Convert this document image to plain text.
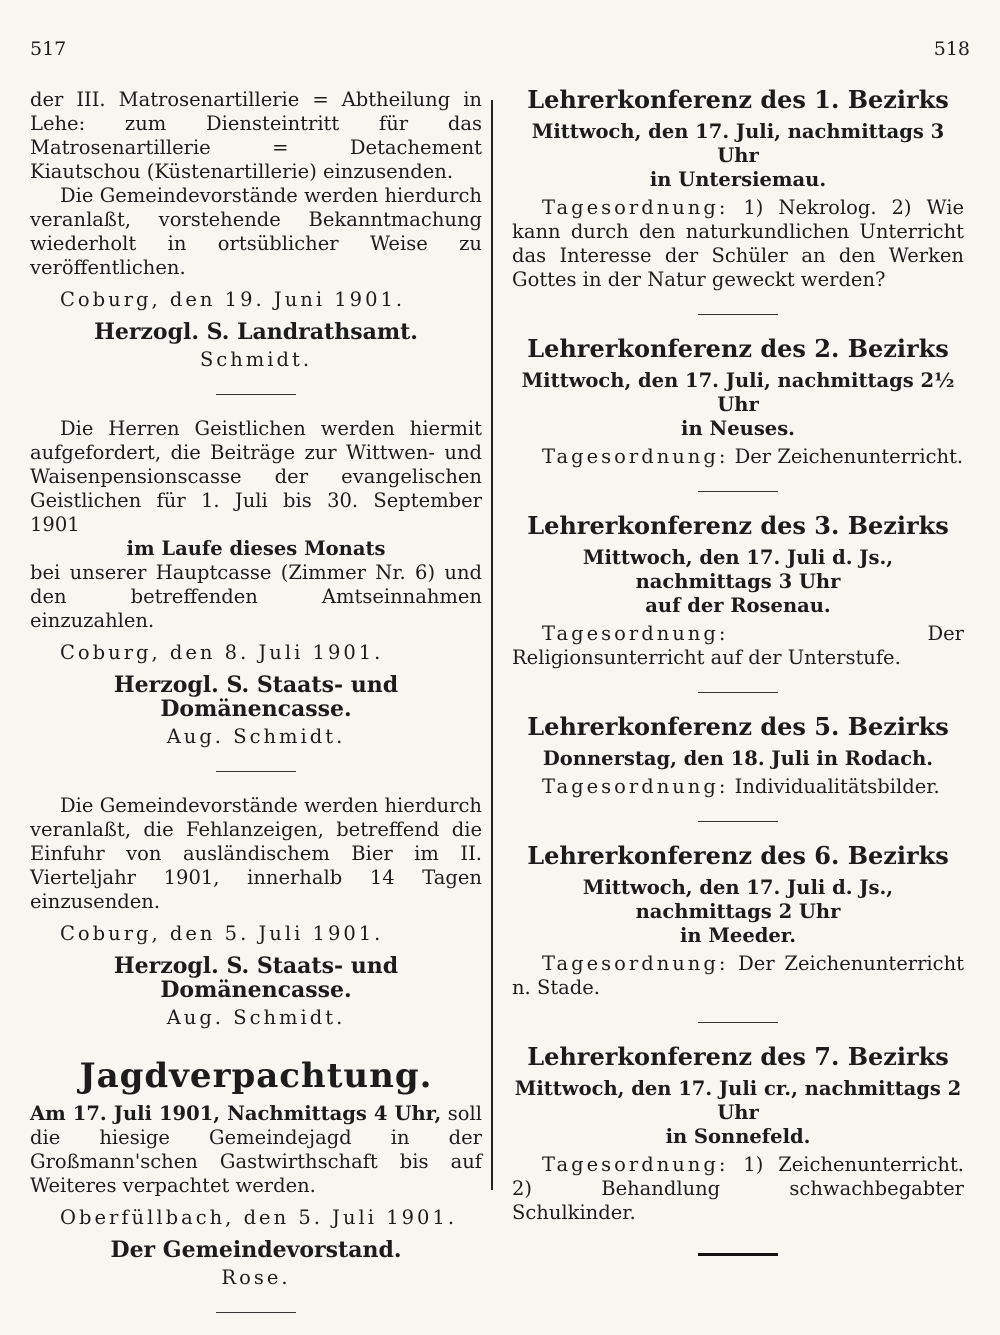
517	518

der III. Matrosenartillerie = Abtheilung in Lehe: zum Diensteintritt für das Matrosenartillerie = Detachement Kiautschou (Küstenartillerie) einzusenden.

Die Gemeindevorstände werden hierdurch veranlaßt, vorstehende Bekanntmachung wiederholt in ortsüblicher Weise zu veröffentlichen.

Coburg, den 19. Juni 1901.

Herzogl. S. Landrathsamt.
Schmidt.

Die Herren Geistlichen werden hiermit aufgefordert, die Beiträge zur Wittwen- und Waisenpensionscasse der evangelischen Geistlichen für 1. Juli bis 30. September 1901

im Laufe dieses Monats

bei unserer Hauptcasse (Zimmer Nr. 6) und den betreffenden Amtseinnahmen einzuzahlen.

Coburg, den 8. Juli 1901.

Herzogl. S. Staats- und Domänencasse.
Aug. Schmidt.

Die Gemeindevorstände werden hierdurch veranlaßt, die Fehlanzeigen, betreffend die Einfuhr von ausländischem Bier im II. Vierteljahr 1901, innerhalb 14 Tagen einzusenden.

Coburg, den 5. Juli 1901.

Herzogl. S. Staats- und Domänencasse.
Aug. Schmidt.
Jagdverpachtung.

Am 17. Juli 1901, Nachmittags 4 Uhr, soll die hiesige Gemeindejagd in der Großmann'schen Gastwirthschaft bis auf Weiteres verpachtet werden.

Oberfüllbach, den 5. Juli 1901.

Der Gemeindevorstand.
Rose.
Lehrerkonferenz des 1. Bezirks
Mittwoch, den 17. Juli, nachmittags 3 Uhr
in Untersiemau.

Tagesordnung: 1) Nekrolog. 2) Wie kann durch den naturkundlichen Unterricht das Interesse der Schüler an den Werken Gottes in der Natur geweckt werden?

Lehrerkonferenz des 2. Bezirks
Mittwoch, den 17. Juli, nachmittags 2½ Uhr
in Neuses.

Tagesordnung: Der Zeichenunterricht.

Lehrerkonferenz des 3. Bezirks
Mittwoch, den 17. Juli d. Js., nachmittags 3 Uhr
auf der Rosenau.

Tagesordnung: Der Religionsunterricht auf der Unterstufe.

Lehrerkonferenz des 5. Bezirks
Donnerstag, den 18. Juli in Rodach.

Tagesordnung: Individualitätsbilder.

Lehrerkonferenz des 6. Bezirks
Mittwoch, den 17. Juli d. Js., nachmittags 2 Uhr
in Meeder.

Tagesordnung: Der Zeichenunterricht n. Stade.

Lehrerkonferenz des 7. Bezirks
Mittwoch, den 17. Juli cr., nachmittags 2 Uhr
in Sonnefeld.

Tagesordnung: 1) Zeichenunterricht. 2) Behandlung schwachbegabter Schulkinder.
